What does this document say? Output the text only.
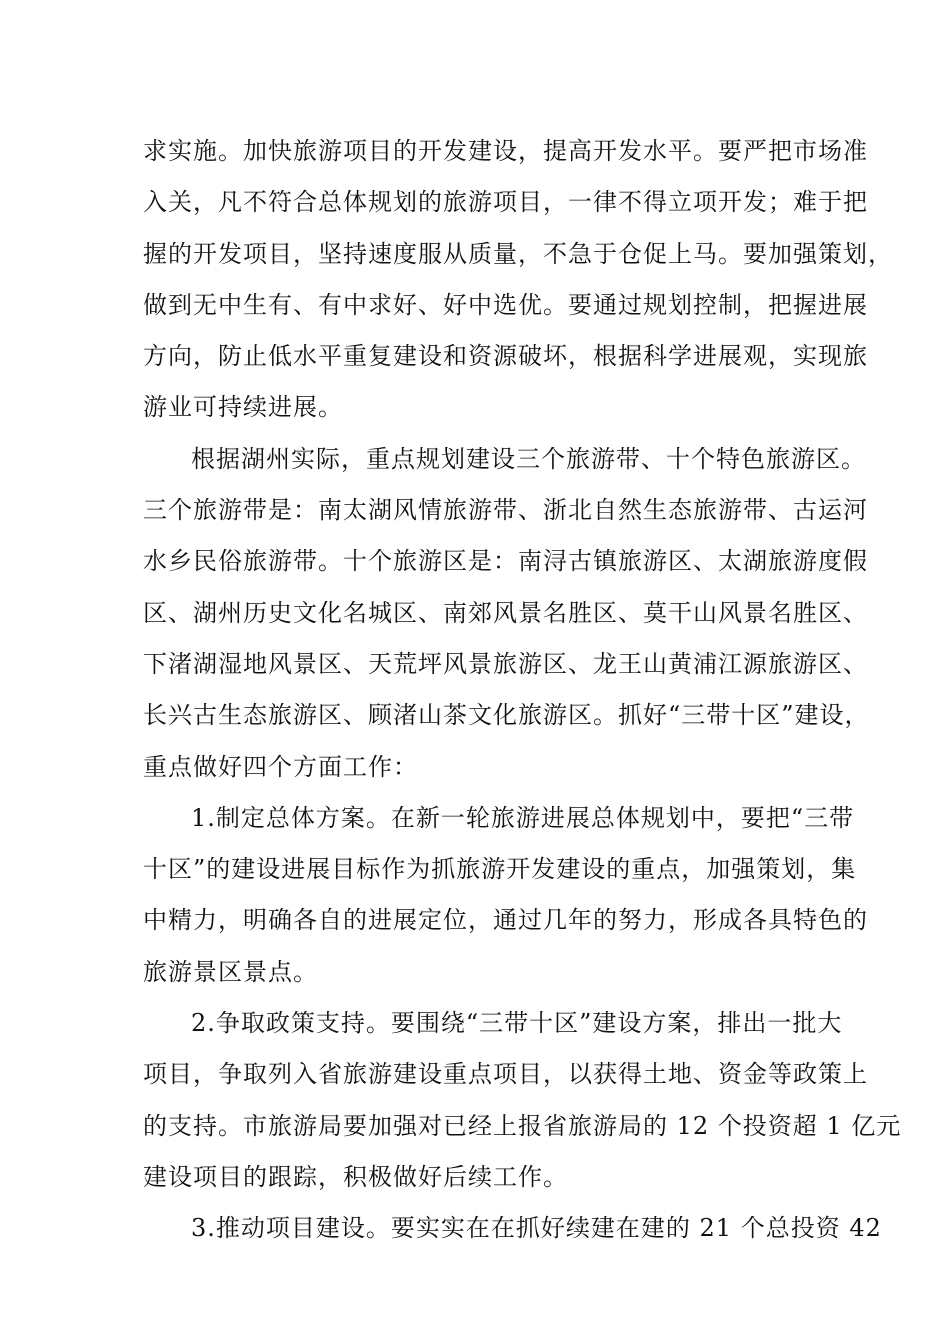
求实施。加快旅游项目的开发建设，提高开发水平。要严把市场准
入关，凡不符合总体规划的旅游项目，一律不得立项开发；难于把
握的开发项目，坚持速度服从质量，不急于仓促上马。要加强策划，
做到无中生有、有中求好、好中选优。要通过规划控制，把握进展
方向，防止低水平重复建设和资源破坏，根据科学进展观，实现旅
游业可持续进展。
根据湖州实际，重点规划建设三个旅游带、十个特色旅游区。
三个旅游带是：南太湖风情旅游带、浙北自然生态旅游带、古运河
水乡民俗旅游带。十个旅游区是：南浔古镇旅游区、太湖旅游度假
区、湖州历史文化名城区、南郊风景名胜区、莫干山风景名胜区、
下渚湖湿地风景区、天荒坪风景旅游区、龙王山黄浦江源旅游区、
长兴古生态旅游区、顾渚山茶文化旅游区。抓好“三带十区”建设，
重点做好四个方面工作：
1.制定总体方案。在新一轮旅游进展总体规划中，要把“三带
十区”的建设进展目标作为抓旅游开发建设的重点，加强策划，集
中精力，明确各自的进展定位，通过几年的努力，形成各具特色的
旅游景区景点。
2.争取政策支持。要围绕“三带十区”建设方案，排出一批大
项目，争取列入省旅游建设重点项目，以获得土地、资金等政策上
的支持。市旅游局要加强对已经上报省旅游局的 12 个投资超 1 亿元
建设项目的跟踪，积极做好后续工作。
3.推动项目建设。要实实在在抓好续建在建的 21 个总投资 42
